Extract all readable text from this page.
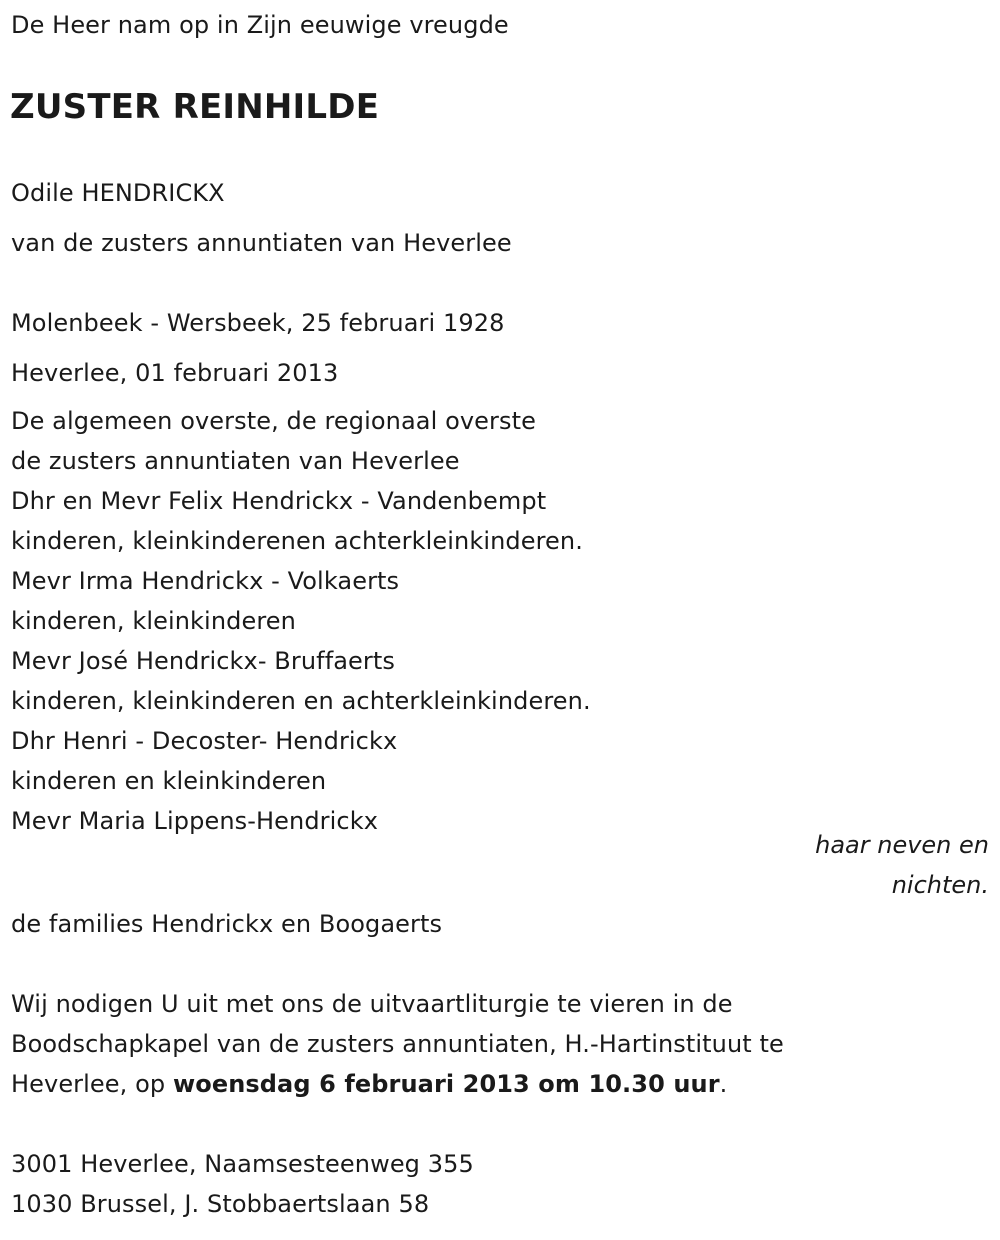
De Heer nam op in Zijn eeuwige vreugde
ZUSTER REINHILDE
Odile HENDRICKX
van de zusters annuntiaten van Heverlee
Molenbeek - Wersbeek, 25 februari 1928
Heverlee, 01 februari 2013
De algemeen overste, de regionaal overste
de zusters annuntiaten van Heverlee
Dhr en Mevr Felix Hendrickx - Vandenbempt
kinderen, kleinkinderenen achterkleinkinderen.
Mevr Irma Hendrickx - Volkaerts
kinderen, kleinkinderen
Mevr José Hendrickx- Bruffaerts
kinderen, kleinkinderen en achterkleinkinderen.
Dhr Henri - Decoster- Hendrickx
kinderen en kleinkinderen
Mevr Maria Lippens-Hendrickx
haar neven en
nichten.
de families Hendrickx en Boogaerts
Wij nodigen U uit met ons de uitvaartliturgie te vieren in de
Boodschapkapel van de zusters annuntiaten, H.-Hartinstituut te
Heverlee, op woensdag 6 februari 2013 om 10.30 uur.
3001 Heverlee, Naamsesteenweg 355
1030 Brussel, J. Stobbaertslaan 58
